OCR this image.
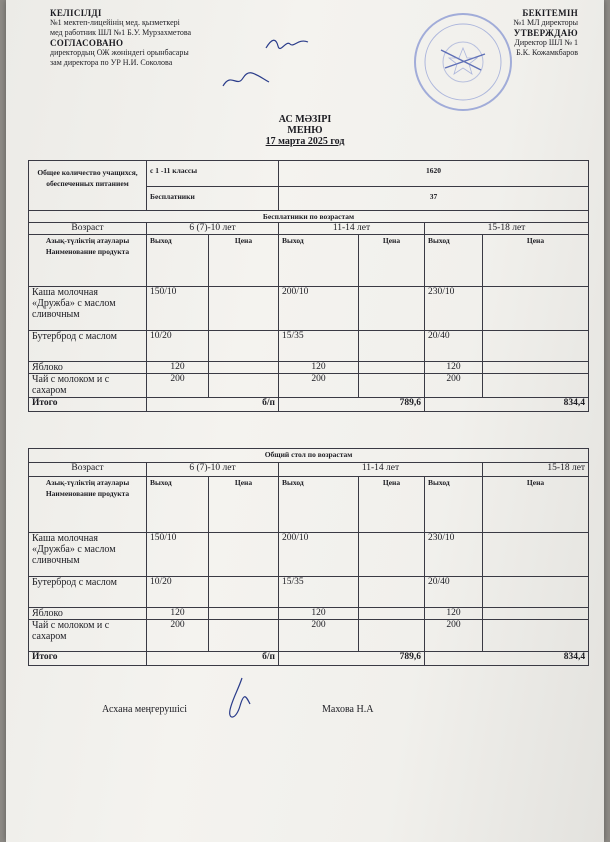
КЕЛІСІЛДІ
№1 мектеп-лицейінің мед. қызметкері
мед работник ШЛ №1 Б.У. Мурзахметова
СОГЛАСОВАНО
директордың ОЖ жөніндегі орынбасары
зам директора по УР Н.И. Соколова
БЕКІТЕМІН
№1 МЛ директоры
УТВЕРЖДАЮ
Директор ШЛ № 1
Б.К. Кожамкбаров
АС МӘЗІРІ
МЕНЮ
17 марта 2025 год
Общее количество учащихся, обеспеченных питанием	с 1 -11 классы		1620			
	Бесплатники		37			
Бесплатники по возрастам						
Возраст	6 (7)-10 лет		11-14 лет		15-18 лет	
Азық-түліктің атаулары Наименование продукта	Выход	Цена	Выход	Цена	Выход	Цена
Каша молочная «Дружба» с маслом сливочным	150/10		200/10		230/10	
Бутерброд с маслом	10/20		15/35		20/40	
Яблоко	120		120		120	
Чай с молоком и с сахаром	200		200		200	
Итого	б/п		789,6		834,4	
Общий стол по возрастам						
Возраст	6 (7)-10 лет		11-14 лет			15-18 лет
Азық-түліктің атаулары Наименование продукта	Выход	Цена	Выход	Цена	Выход	Цена
Каша молочная «Дружба» с маслом сливочным	150/10		200/10		230/10	
Бутерброд с маслом	10/20		15/35		20/40	
Яблоко	120		120		120	
Чай с молоком и с сахаром	200		200		200	
Итого	б/п		789,6		834,4	
Асхана меңгерушісі	Махова Н.А
